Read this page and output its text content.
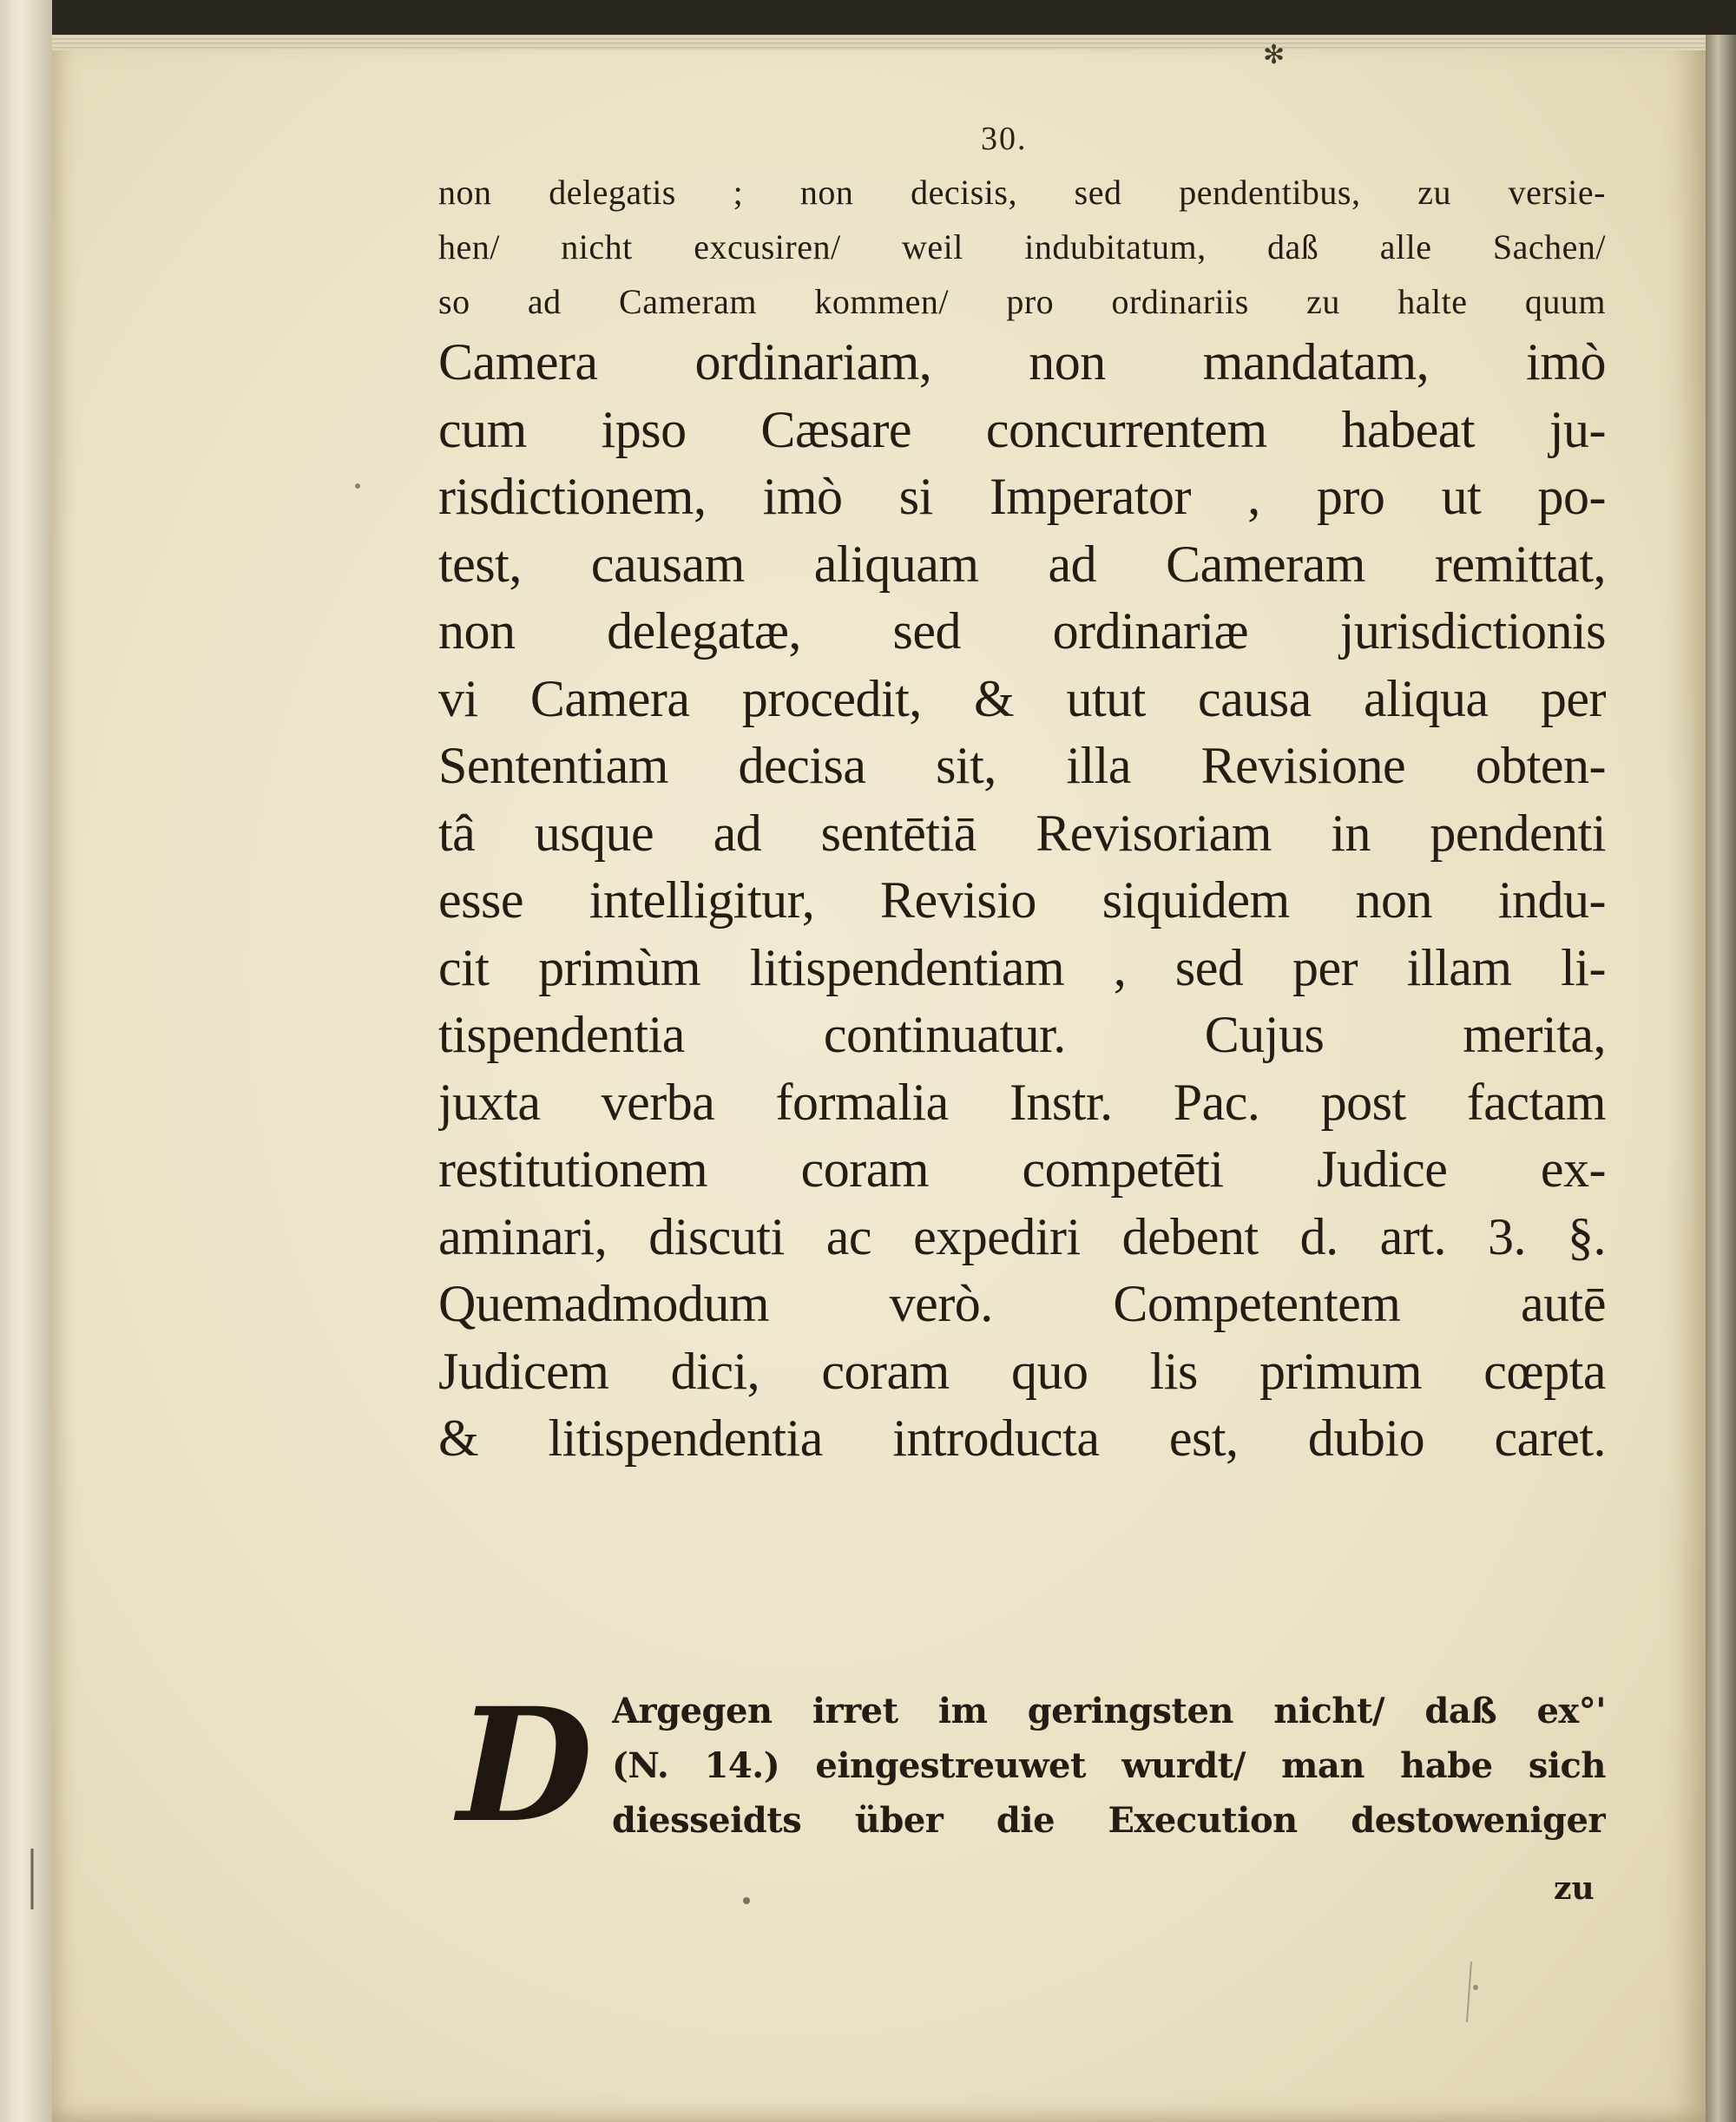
✻
30.
non delegatis ; non decisis, sed pendentibus, zu versie-
hen/ nicht excusiren/ weil indubitatum, daß alle Sachen/
so ad Cameram kommen/ pro ordinariis zu halte quum
Camera ordinariam, non mandatam, imò
cum ipso Cæsare concurrentem habeat ju-
risdictionem, imò si Imperator , pro ut po-
test, causam aliquam ad Cameram remittat,
non delegatæ, sed ordinariæ jurisdictionis
vi Camera procedit, & utut causa aliqua per
Sententiam decisa sit, illa Revisione obten-
tâ usque ad sentētiā Revisoriam in pendenti
esse intelligitur, Revisio siquidem non indu-
cit primùm litispendentiam , sed per illam li-
tispendentia continuatur. Cujus merita,
juxta verba formalia Instr. Pac. post factam
restitutionem coram competēti Judice ex-
aminari, discuti ac expediri debent d. art. 3. §.
Quemadmodum verò. Competentem autē
Judicem dici, coram quo lis primum cœpta
& litispendentia introducta est, dubio caret.
D Argegen irret im geringsten nicht/ daß ex°'
(N. 14.) eingestreuwet wurdt/ man habe sich
diesseidts über die Execution destoweniger
zu
